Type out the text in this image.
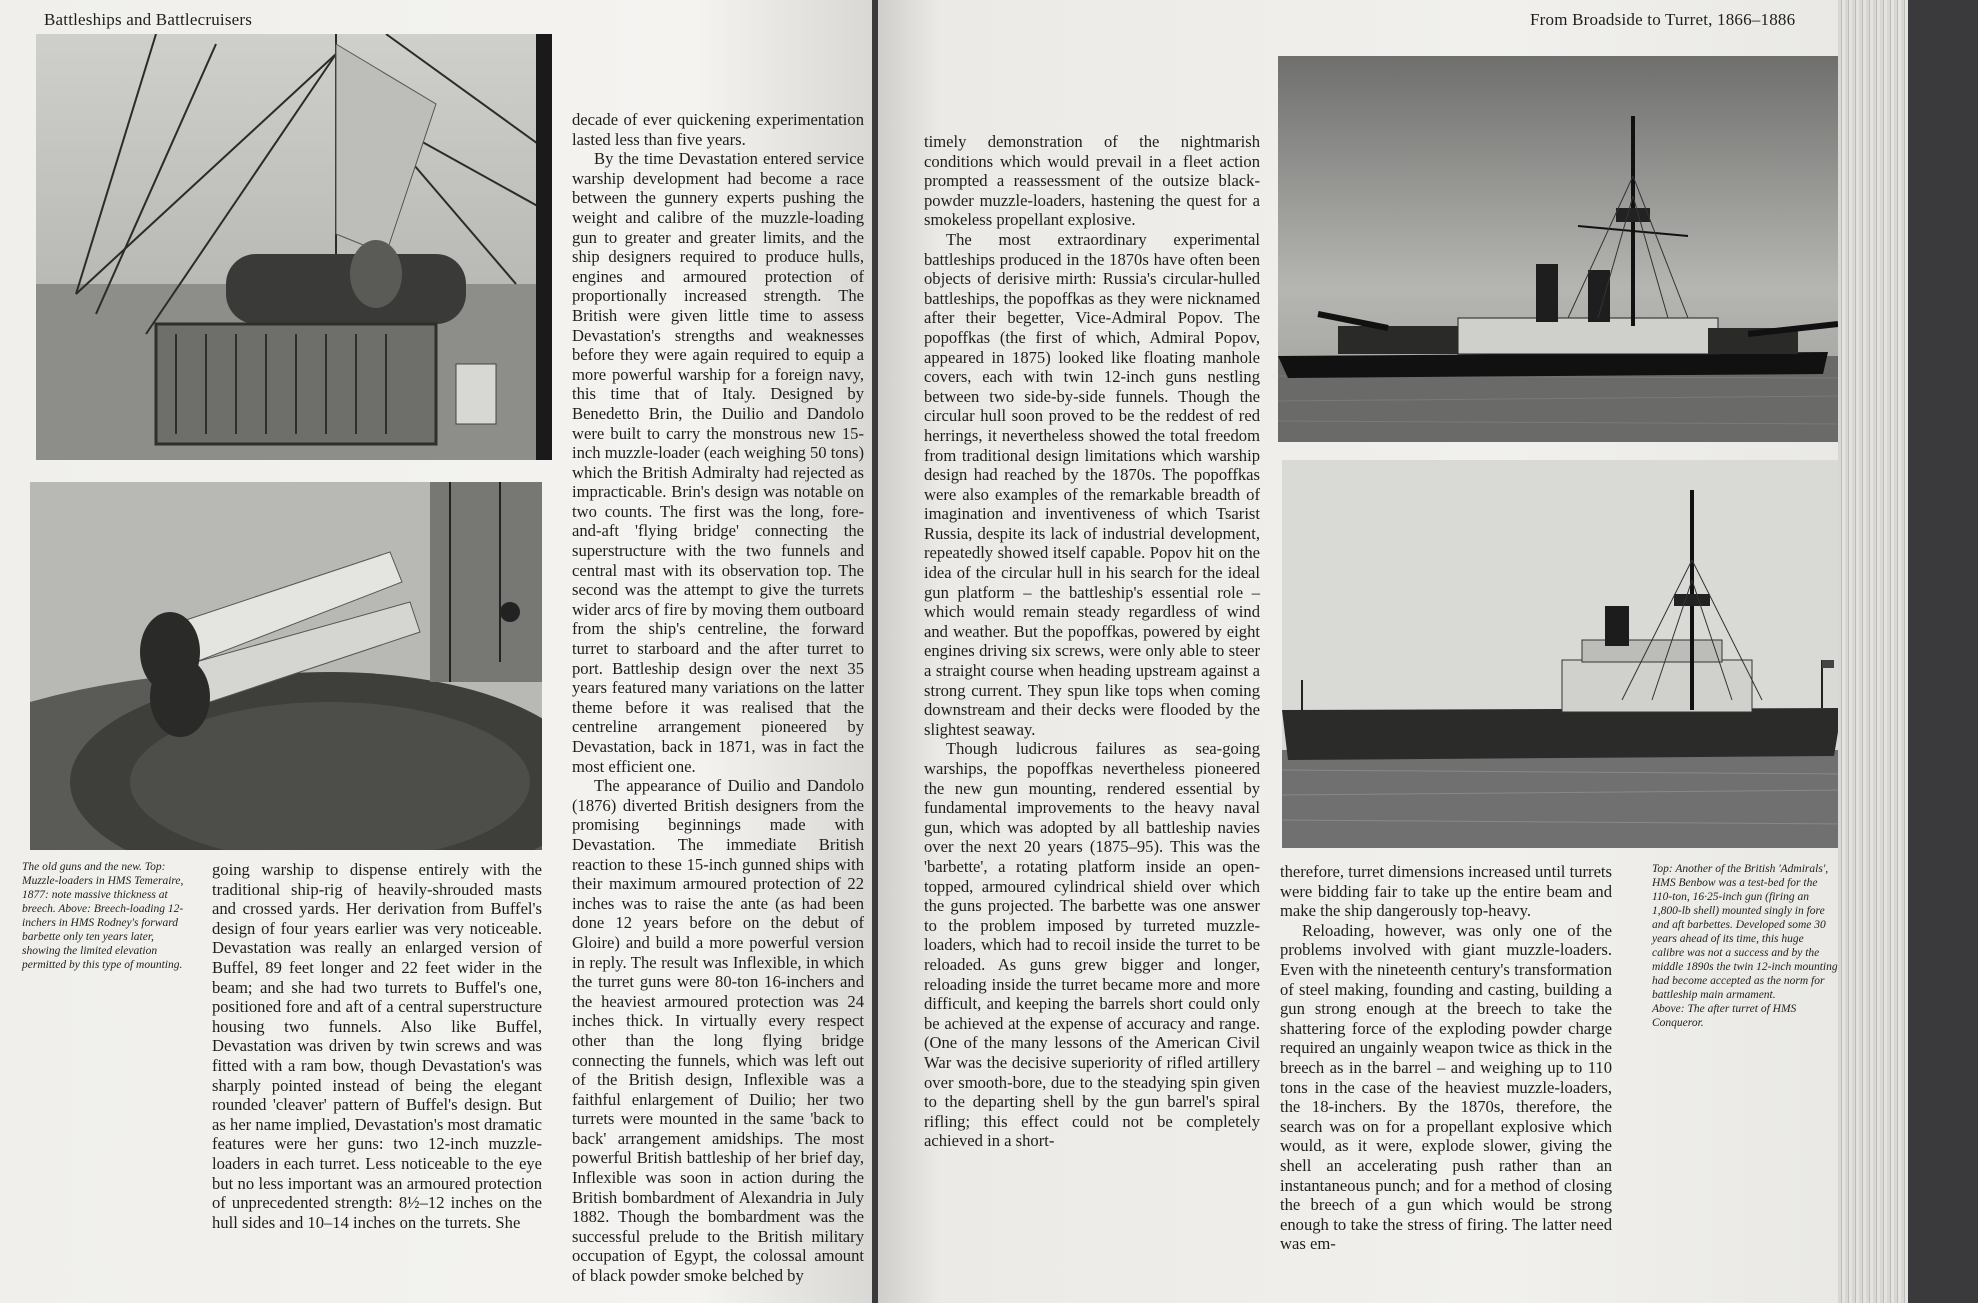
Battleships and Battlecruisers
The old guns and the new. Top: Muzzle-loaders in HMS Temeraire, 1877: note massive thickness at breech. Above: Breech-loading 12-inchers in HMS Rodney's forward barbette only ten years later, showing the limited elevation permitted by this type of mounting.

going warship to dispense entirely with the traditional ship-rig of heavily-shrouded masts and crossed yards. Her derivation from Buffel's design of four years earlier was very noticeable. Devastation was really an enlarged version of Buffel, 89 feet longer and 22 feet wider in the beam; and she had two turrets to Buffel's one, positioned fore and aft of a central superstructure housing two funnels. Also like Buffel, Devastation was driven by twin screws and was fitted with a ram bow, though Devastation's was sharply pointed instead of being the elegant rounded 'cleaver' pattern of Buffel's design. But as her name implied, Devastation's most dramatic features were her guns: two 12-inch muzzle-loaders in each turret. Less noticeable to the eye but no less important was an armoured protection of unprecedented strength: 8½–12 inches on the hull sides and 10–14 inches on the turrets. She

decade of ever quickening experimentation lasted less than five years.

By the time Devastation entered service warship development had become a race between the gunnery experts pushing the weight and calibre of the muzzle-loading gun to greater and greater limits, and the ship designers required to produce hulls, engines and armoured protection of proportionally increased strength. The British were given little time to assess Devastation's strengths and weaknesses before they were again required to equip a more powerful warship for a foreign navy, this time that of Italy. Designed by Benedetto Brin, the Duilio and Dandolo were built to carry the monstrous new 15-inch muzzle-loader (each weighing 50 tons) which the British Admiralty had rejected as impracticable. Brin's design was notable on two counts. The first was the long, fore-and-aft 'flying bridge' connecting the superstructure with the two funnels and central mast with its observation top. The second was the attempt to give the turrets wider arcs of fire by moving them outboard from the ship's centreline, the forward turret to starboard and the after turret to port. Battleship design over the next 35 years featured many variations on the latter theme before it was realised that the centreline arrangement pioneered by Devastation, back in 1871, was in fact the most efficient one.

The appearance of Duilio and Dandolo (1876) diverted British designers from the promising beginnings made with Devastation. The immediate British reaction to these 15-inch gunned ships with their maximum armoured protection of 22 inches was to raise the ante (as had been done 12 years before on the debut of Gloire) and build a more powerful version in reply. The result was Inflexible, in which the turret guns were 80-ton 16-inchers and the heaviest armoured protection was 24 inches thick. In virtually every respect other than the long flying bridge connecting the funnels, which was left out of the British design, Inflexible was a faithful enlargement of Duilio; her two turrets were mounted in the same 'back to back' arrangement amidships. The most powerful British battleship of her brief day, Inflexible was soon in action during the British bombardment of Alexandria in July 1882. Though the bombardment was the successful prelude to the British military occupation of Egypt, the colossal amount of black powder smoke belched by

From Broadside to Turret, 1866–1886

timely demonstration of the nightmarish conditions which would prevail in a fleet action prompted a reassessment of the outsize black-powder muzzle-loaders, hastening the quest for a smokeless propellant explosive.

The most extraordinary experimental battleships produced in the 1870s have often been objects of derisive mirth: Russia's circular-hulled battleships, the popoffkas as they were nicknamed after their begetter, Vice-Admiral Popov. The popoffkas (the first of which, Admiral Popov, appeared in 1875) looked like floating manhole covers, each with twin 12-inch guns nestling between two side-by-side funnels. Though the circular hull soon proved to be the reddest of red herrings, it nevertheless showed the total freedom from traditional design limitations which warship design had reached by the 1870s. The popoffkas were also examples of the remarkable breadth of imagination and inventiveness of which Tsarist Russia, despite its lack of industrial development, repeatedly showed itself capable. Popov hit on the idea of the circular hull in his search for the ideal gun platform – the battleship's essential role – which would remain steady regardless of wind and weather. But the popoffkas, powered by eight engines driving six screws, were only able to steer a straight course when heading upstream against a strong current. They spun like tops when coming downstream and their decks were flooded by the slightest seaway.

Though ludicrous failures as sea-going warships, the popoffkas nevertheless pioneered the new gun mounting, rendered essential by fundamental improvements to the heavy naval gun, which was adopted by all battleship navies over the next 20 years (1875–95). This was the 'barbette', a rotating platform inside an open-topped, armoured cylindrical shield over which the guns projected. The barbette was one answer to the problem imposed by turreted muzzle-loaders, which had to recoil inside the turret to be reloaded. As guns grew bigger and longer, reloading inside the turret became more and more difficult, and keeping the barrels short could only be achieved at the expense of accuracy and range. (One of the many lessons of the American Civil War was the decisive superiority of rifled artillery over smooth-bore, due to the steadying spin given to the departing shell by the gun barrel's spiral rifling; this effect could not be completely achieved in a short-

therefore, turret dimensions increased until turrets were bidding fair to take up the entire beam and make the ship dangerously top-heavy.

Reloading, however, was only one of the problems involved with giant muzzle-loaders. Even with the nineteenth century's transformation of steel making, founding and casting, building a gun strong enough at the breech to take the shattering force of the exploding powder charge required an ungainly weapon twice as thick in the breech as in the barrel – and weighing up to 110 tons in the case of the heaviest muzzle-loaders, the 18-inchers. By the 1870s, therefore, the search was on for a propellant explosive which would, as it were, explode slower, giving the shell an accelerating push rather than an instantaneous punch; and for a method of closing the breech of a gun which would be strong enough to take the stress of firing. The latter need was em-

Top: Another of the British 'Admirals', HMS Benbow was a test-bed for the 110-ton, 16·25-inch gun (firing an 1,800-lb shell) mounted singly in fore and aft barbettes. Developed some 30 years ahead of its time, this huge calibre was not a success and by the middle 1890s the twin 12-inch mounting had become accepted as the norm for battleship main armament.
Above: The after turret of HMS Conqueror.
